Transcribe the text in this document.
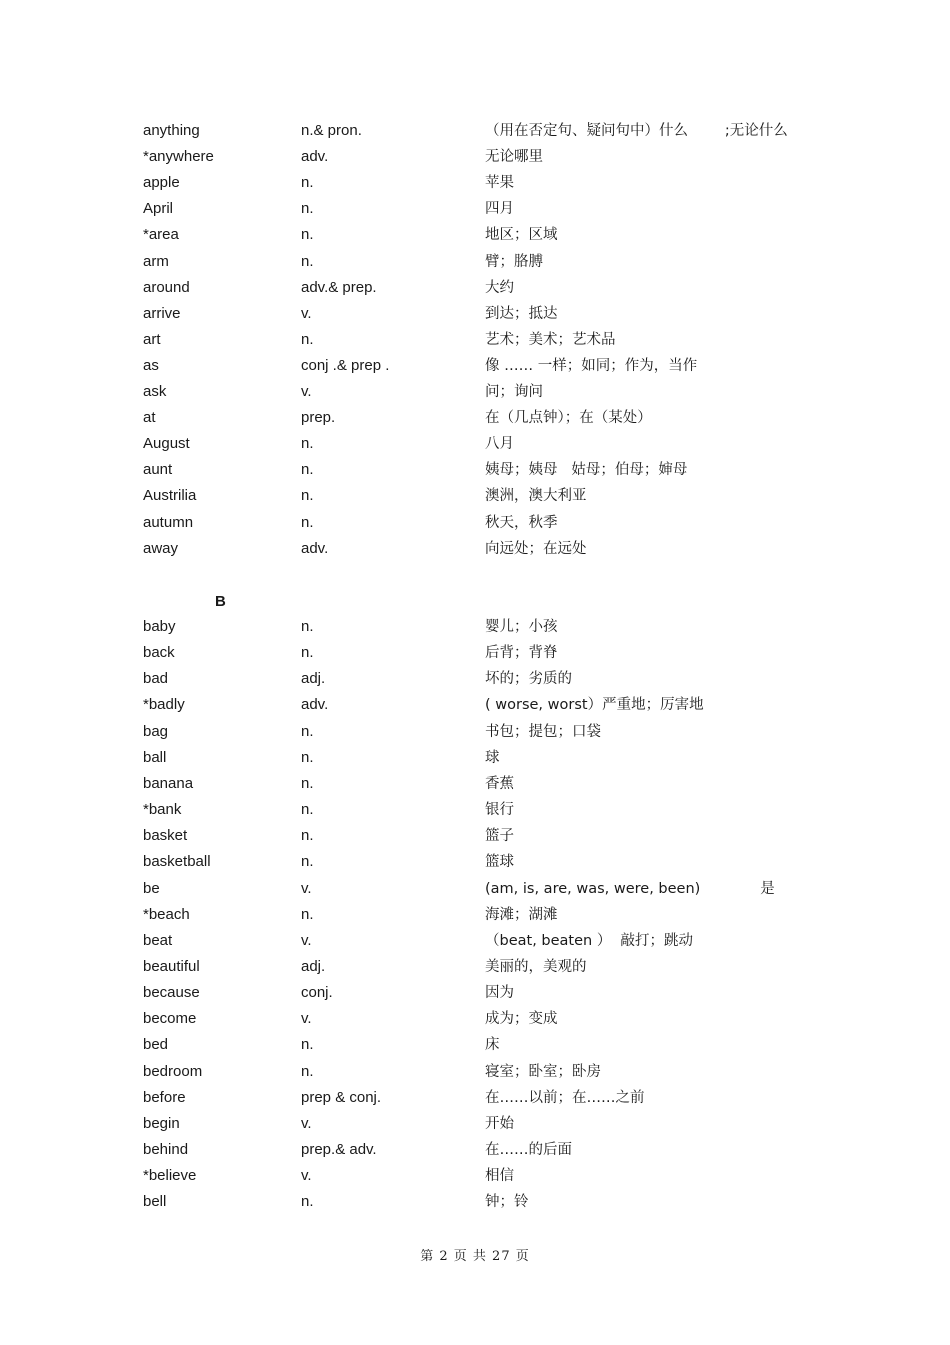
anything	n.& pron.	（用在否定句、疑问句中）什么        ;无论什么
*anywhere	adv.	无论哪里
apple	n.	苹果
April	n.	四月
*area	n.	地区；区域
arm	n.	臂；胳膊
around	adv.& prep.	大约
arrive	v.	到达；抵达
art	n.	艺术；美术；艺术品
as	conj .& prep .	像 …… 一样；如同；作为，当作
ask	v.	问；询问
at	prep.	在（几点钟）；在（某处）
August	n.	八月
aunt	n.	姨母；姨母   姑母；伯母；婶母
Austrilia	n.	澳洲，澳大利亚
autumn	n.	秋天，秋季
away	adv.	向远处；在远处
B
baby	n.	婴儿；小孩
back	n.	后背；背脊
bad	adj.	坏的；劣质的
*badly	adv.	( worse, worst）严重地；厉害地
bag	n.	书包；提包；口袋
ball	n.	球
banana	n.	香蕉
*bank	n.	银行
basket	n.	篮子
basketball	n.	篮球
be	v.	(am, is, are, was, were, been)             是
*beach	n.	海滩；湖滩
beat	v.	（beat, beaten ）  敲打；跳动
beautiful	adj.	美丽的，美观的
because	conj.	因为
become	v.	成为；变成
bed	n.	床
bedroom	n.	寝室；卧室；卧房
before	prep & conj.	在……以前；在……之前
begin	v.	开始
behind	prep.& adv.	在……的后面
*believe	v.	相信
bell	n.	钟；铃
第 2 页 共 27 页
